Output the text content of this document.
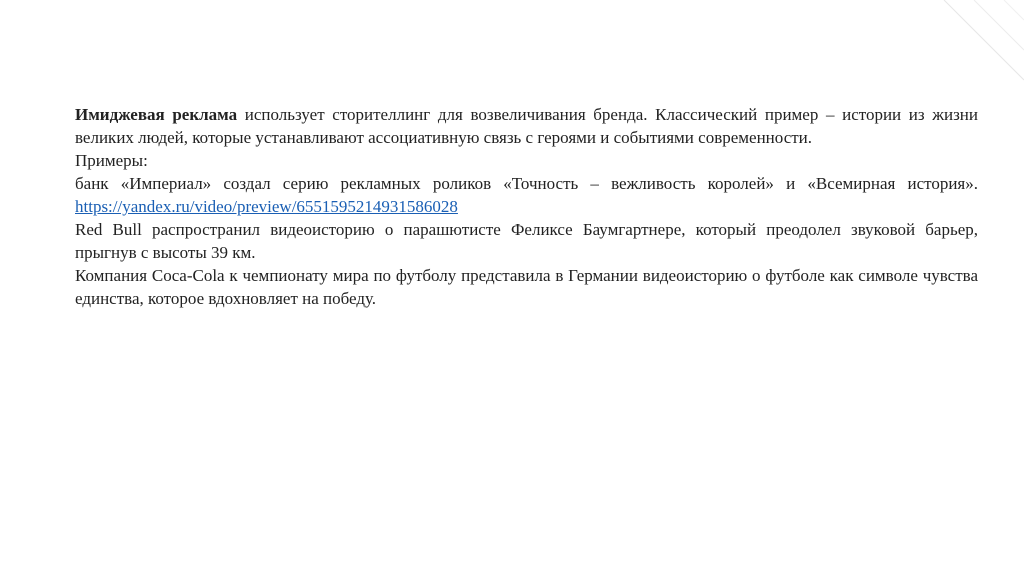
Имиджевая реклама использует сторителлинг для возвеличивания бренда. Классический пример – истории из жизни великих людей, которые устанавливают ассоциативную связь с героями и событиями современности.

Примеры:

банк «Империал» создал серию рекламных роликов «Точность – вежливость королей» и «Всемирная история». https://yandex.ru/video/preview/6551595214931586028

Red Bull распространил видеоисторию о парашютисте Феликсе Баумгартнере, который преодолел звуковой барьер, прыгнув с высоты 39 км.

Компания Coca-Cola к чемпионату мира по футболу представила в Германии видеоисторию о футболе как символе чувства единства, которое вдохновляет на победу.
